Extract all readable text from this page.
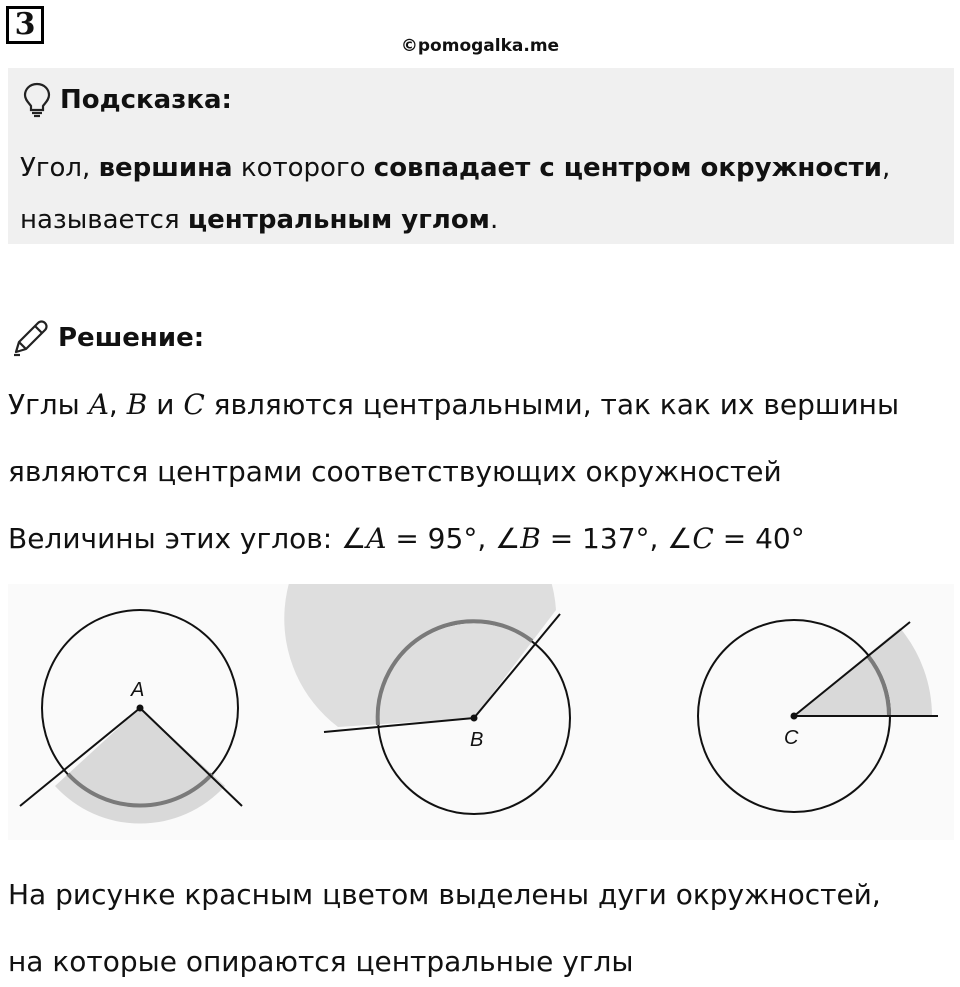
3
©pomogalka.me
Подсказка:
Угол, вершина которого совпадает с центром окружности,
называется центральным углом.
Решение:
Углы A, B и C являются центральными, так как их вершины
являются центрами соответствующих окружностей
Величины этих углов: ∠A = 95°, ∠B = 137°, ∠C = 40°
A
B	C
На рисунке красным цветом выделены дуги окружностей,
на которые опираются центральные углы
